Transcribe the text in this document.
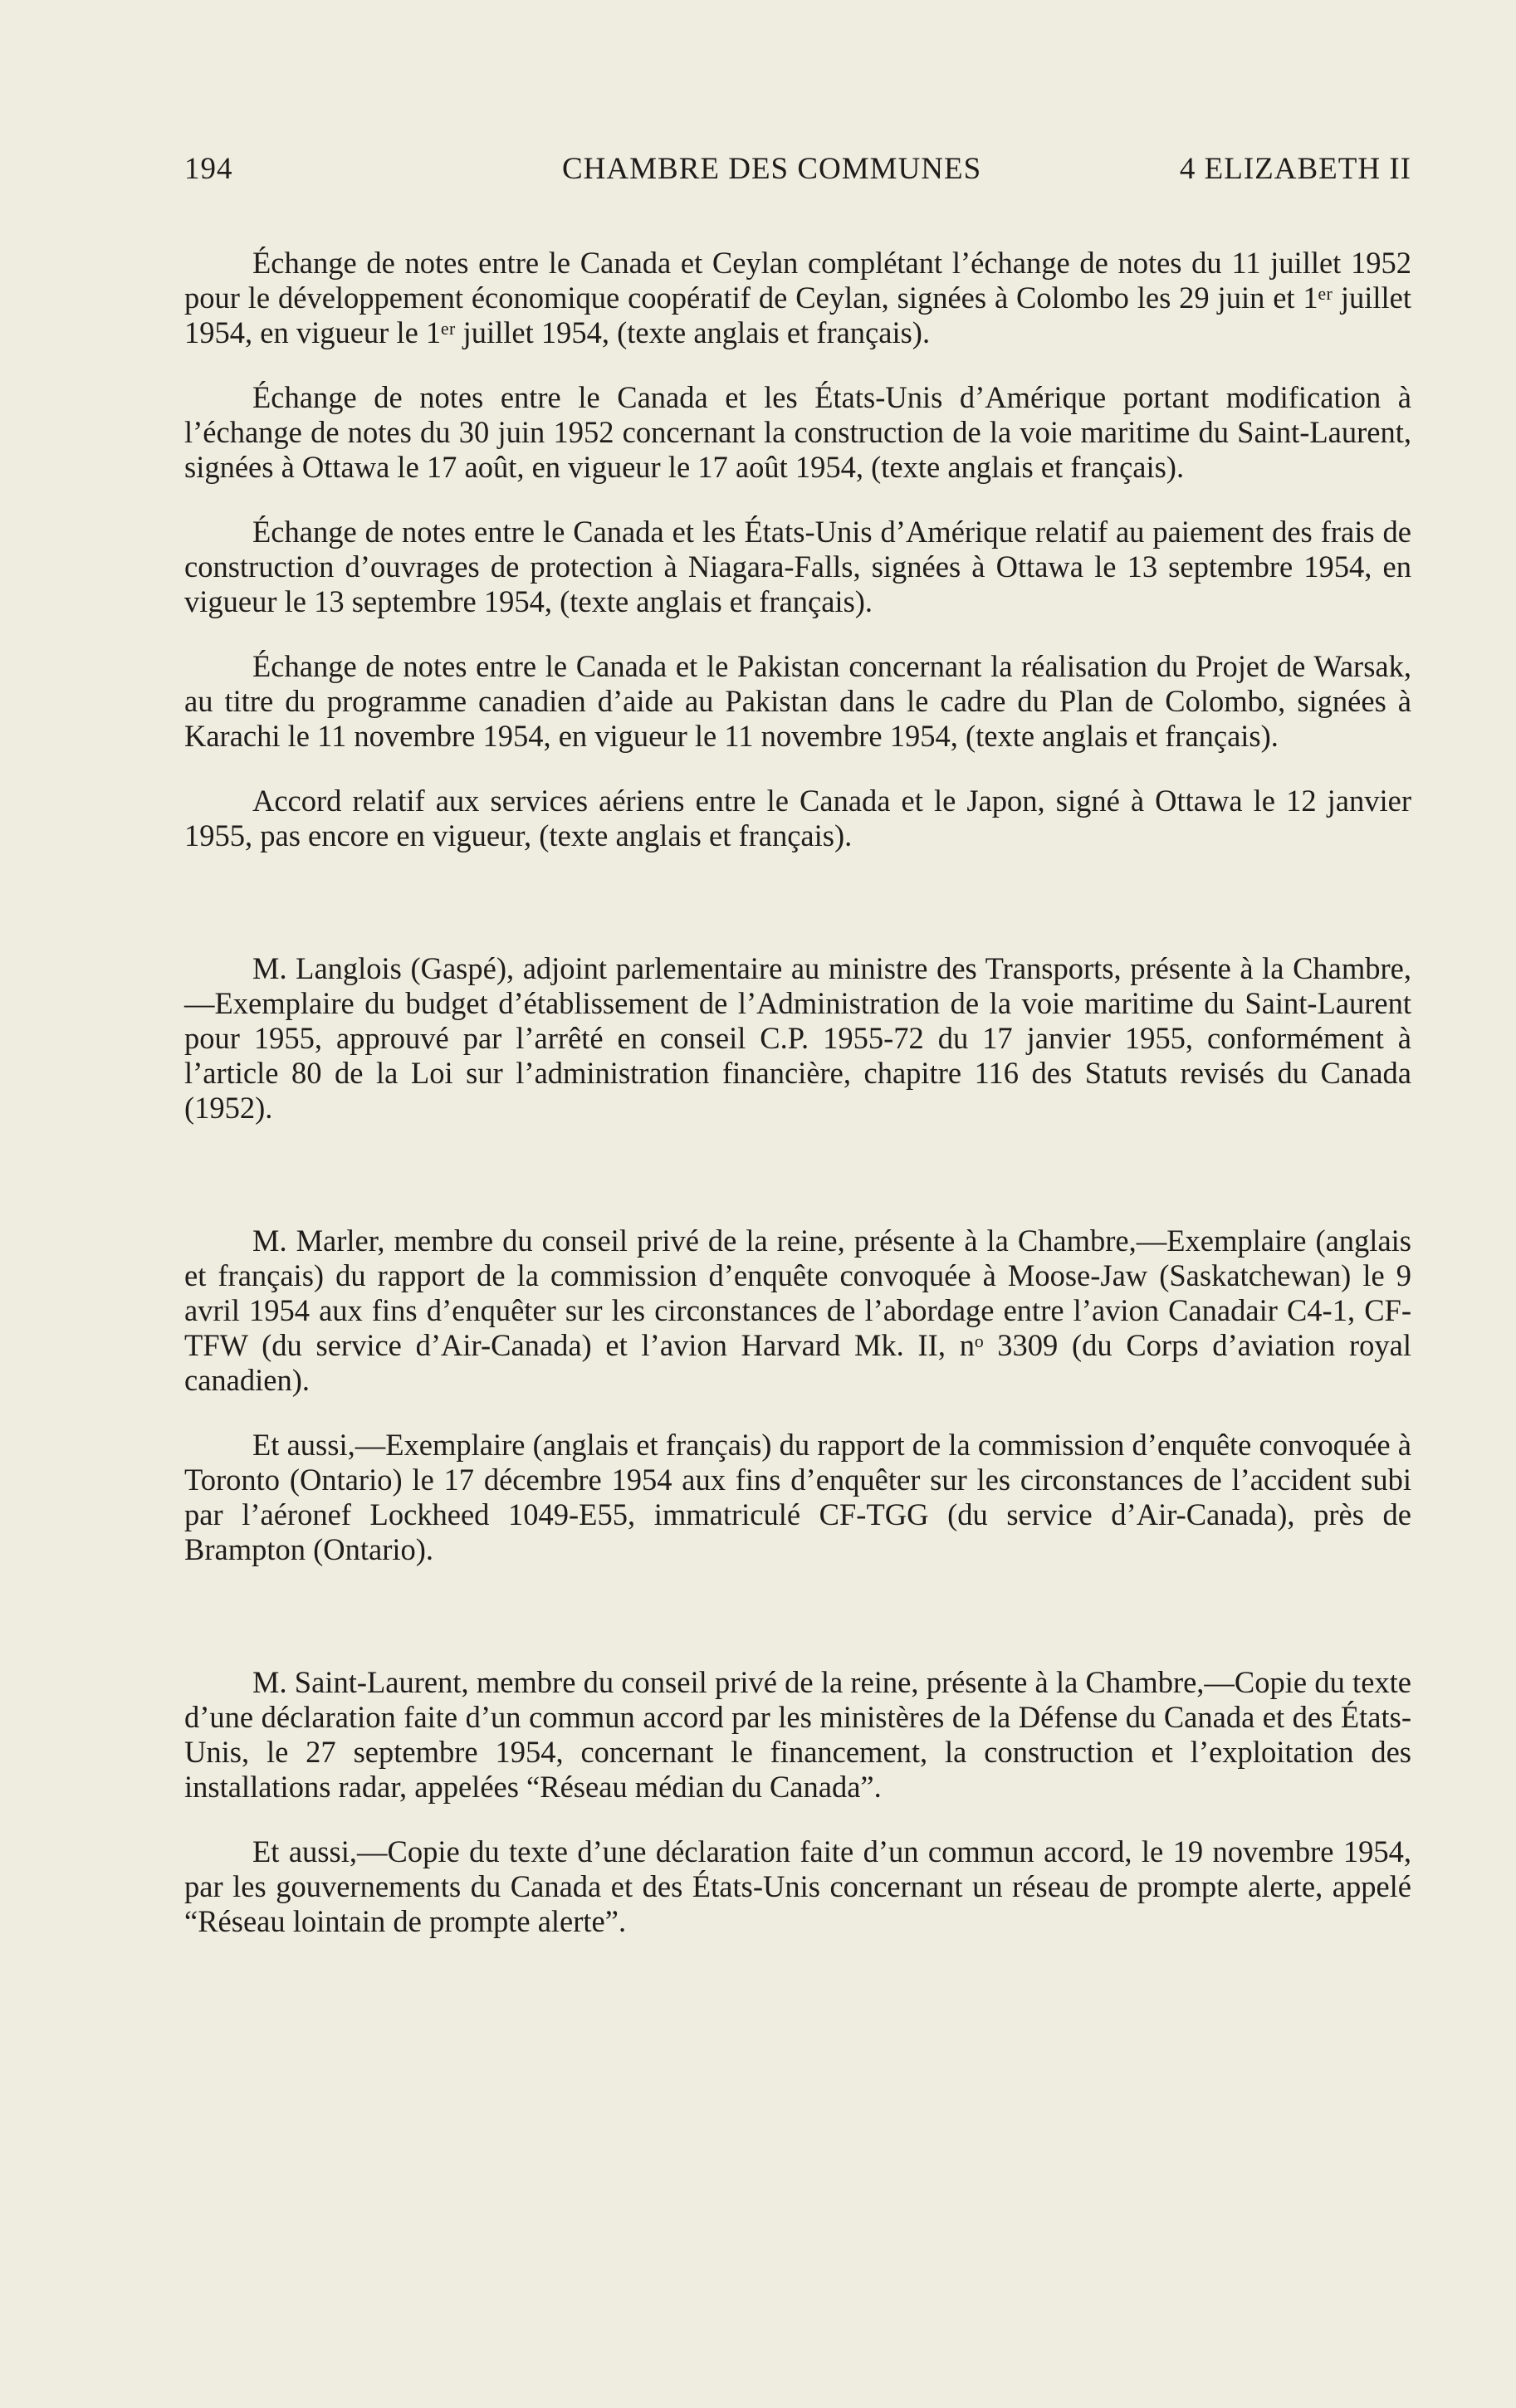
194	CHAMBRE DES COMMUNES	4 ELIZABETH II

Échange de notes entre le Canada et Ceylan complétant l’échange de notes du 11 juillet 1952 pour le développement économique coopératif de Ceylan, signées à Colombo les 29 juin et 1ᵉʳ juillet 1954, en vigueur le 1ᵉʳ juillet 1954, (texte anglais et français).

Échange de notes entre le Canada et les États-Unis d’Amérique portant modification à l’échange de notes du 30 juin 1952 concernant la construction de la voie maritime du Saint-Laurent, signées à Ottawa le 17 août, en vigueur le 17 août 1954, (texte anglais et français).

Échange de notes entre le Canada et les États-Unis d’Amérique relatif au paiement des frais de construction d’ouvrages de protection à Niagara-Falls, signées à Ottawa le 13 septembre 1954, en vigueur le 13 septembre 1954, (texte anglais et français).

Échange de notes entre le Canada et le Pakistan concernant la réalisation du Projet de Warsak, au titre du programme canadien d’aide au Pakistan dans le cadre du Plan de Colombo, signées à Karachi le 11 novembre 1954, en vigueur le 11 novembre 1954, (texte anglais et français).

Accord relatif aux services aériens entre le Canada et le Japon, signé à Ottawa le 12 janvier 1955, pas encore en vigueur, (texte anglais et français).

M. Langlois (Gaspé), adjoint parlementaire au ministre des Transports, présente à la Chambre,—Exemplaire du budget d’établissement de l’Administration de la voie maritime du Saint-Laurent pour 1955, approuvé par l’arrêté en conseil C.P. 1955-72 du 17 janvier 1955, conformément à l’article 80 de la Loi sur l’administration financière, chapitre 116 des Statuts revisés du Canada (1952).

M. Marler, membre du conseil privé de la reine, présente à la Chambre,—Exemplaire (anglais et français) du rapport de la commission d’enquête convoquée à Moose-Jaw (Saskatchewan) le 9 avril 1954 aux fins d’enquêter sur les circonstances de l’abordage entre l’avion Canadair C4-1, CF-TFW (du service d’Air-Canada) et l’avion Harvard Mk. II, nᵒ 3309 (du Corps d’aviation royal canadien).

Et aussi,—Exemplaire (anglais et français) du rapport de la commission d’enquête convoquée à Toronto (Ontario) le 17 décembre 1954 aux fins d’enquêter sur les circonstances de l’accident subi par l’aéronef Lockheed 1049-E55, immatriculé CF-TGG (du service d’Air-Canada), près de Brampton (Ontario).

M. Saint-Laurent, membre du conseil privé de la reine, présente à la Chambre,—Copie du texte d’une déclaration faite d’un commun accord par les ministères de la Défense du Canada et des États-Unis, le 27 septembre 1954, concernant le financement, la construction et l’exploitation des installations radar, appelées “Réseau médian du Canada”.

Et aussi,—Copie du texte d’une déclaration faite d’un commun accord, le 19 novembre 1954, par les gouvernements du Canada et des États-Unis concernant un réseau de prompte alerte, appelé “Réseau lointain de prompte alerte”.
